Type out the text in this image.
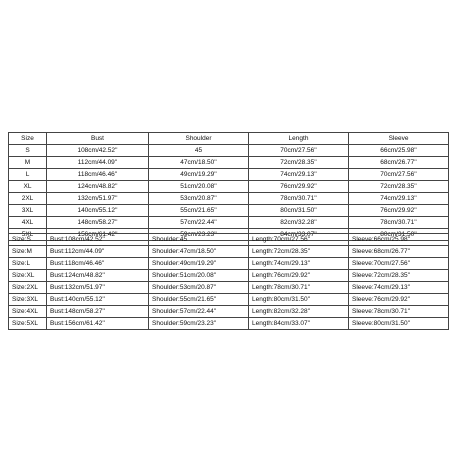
Size	Bust	Shoulder	Length	Sleeve
S	108cm/42.52''	45	70cm/27.56''	66cm/25.98''
M	112cm/44.09''	47cm/18.50''	72cm/28.35''	68cm/26.77''
L	118cm/46.46''	49cm/19.29''	74cm/29.13''	70cm/27.56''
XL	124cm/48.82''	51cm/20.08''	76cm/29.92''	72cm/28.35''
2XL	132cm/51.97''	53cm/20.87''	78cm/30.71''	74cm/29.13''
3XL	140cm/55.12''	55cm/21.65''	80cm/31.50''	76cm/29.92''
4XL	148cm/58.27''	57cm/22.44''	82cm/32.28''	78cm/30.71''
5XL	156cm/61.42''	59cm/23.23''	84cm/33.07''	80cm/31.50''
Size:S	Bust:108cm/42.52''	Shoulder:45	Length:70cm/27.56''	Sleeve:66cm/25.98''
Size:M	Bust:112cm/44.09''	Shoulder:47cm/18.50''	Length:72cm/28.35''	Sleeve:68cm/26.77''
Size:L	Bust:118cm/46.46''	Shoulder:49cm/19.29''	Length:74cm/29.13''	Sleeve:70cm/27.56''
Size:XL	Bust:124cm/48.82''	Shoulder:51cm/20.08''	Length:76cm/29.92''	Sleeve:72cm/28.35''
Size:2XL	Bust:132cm/51.97''	Shoulder:53cm/20.87''	Length:78cm/30.71''	Sleeve:74cm/29.13''
Size:3XL	Bust:140cm/55.12''	Shoulder:55cm/21.65''	Length:80cm/31.50''	Sleeve:76cm/29.92''
Size:4XL	Bust:148cm/58.27''	Shoulder:57cm/22.44''	Length:82cm/32.28''	Sleeve:78cm/30.71''
Size:5XL	Bust:156cm/61.42''	Shoulder:59cm/23.23''	Length:84cm/33.07''	Sleeve:80cm/31.50''
